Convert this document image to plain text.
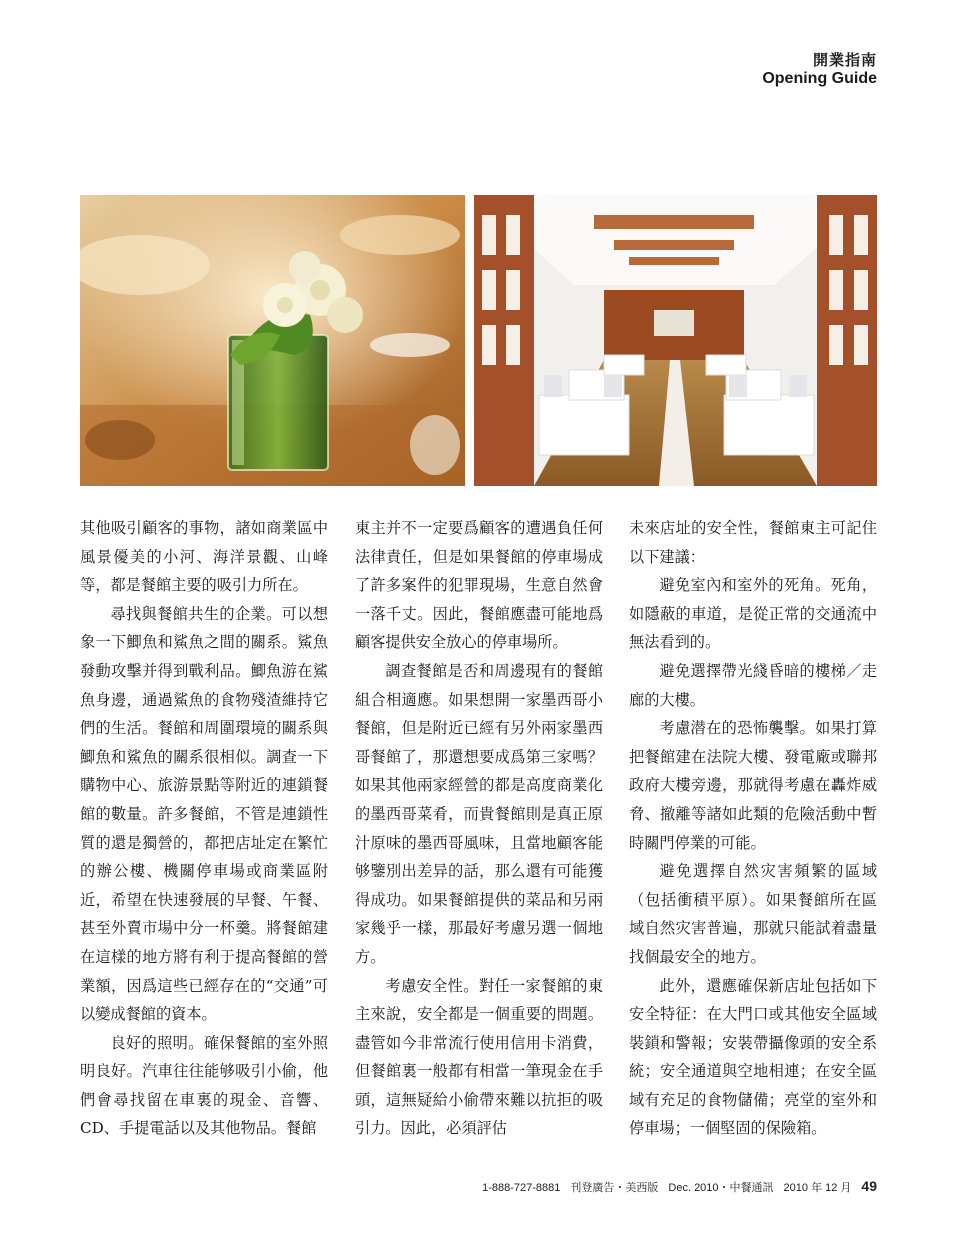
開業指南
Opening Guide

其他吸引顧客的事物，諸如商業區中風景優美的小河、海洋景觀、山峰等，都是餐館主要的吸引力所在。

尋找與餐館共生的企業。可以想象一下鯽魚和鯊魚之間的關系。鯊魚發動攻擊并得到戰利品。鯽魚游在鯊魚身邊，通過鯊魚的食物殘渣維持它們的生活。餐館和周圍環境的關系與鯽魚和鯊魚的關系很相似。調查一下購物中心、旅游景點等附近的連鎖餐館的數量。許多餐館，不管是連鎖性質的還是獨營的，都把店址定在繁忙的辦公樓、機關停車場或商業區附近，希望在快速發展的早餐、午餐、甚至外賣市場中分一杯羹。將餐館建在這樣的地方將有利于提高餐館的營業額，因爲這些已經存在的“交通”可以變成餐館的資本。

良好的照明。確保餐館的室外照明良好。汽車往往能够吸引小偷，他們會尋找留在車裏的現金、音響、CD、手提電話以及其他物品。餐館

東主并不一定要爲顧客的遭遇負任何法律責任，但是如果餐館的停車場成了許多案件的犯罪現場，生意自然會一落千丈。因此，餐館應盡可能地爲顧客提供安全放心的停車場所。

調查餐館是否和周邊現有的餐館組合相適應。如果想開一家墨西哥小餐館，但是附近已經有另外兩家墨西哥餐館了，那還想要成爲第三家嗎？如果其他兩家經營的都是高度商業化的墨西哥菜肴，而貴餐館則是真正原汁原味的墨西哥風味，且當地顧客能够鑒別出差异的話，那么還有可能獲得成功。如果餐館提供的菜品和另兩家幾乎一樣，那最好考慮另選一個地方。

考慮安全性。對任一家餐館的東主來說，安全都是一個重要的問題。盡管如今非常流行使用信用卡消費，但餐館裏一般都有相當一筆現金在手頭，這無疑給小偷帶來難以抗拒的吸引力。因此，必須評估

未來店址的安全性，餐館東主可記住以下建議：

避免室內和室外的死角。死角，如隱蔽的車道，是從正常的交通流中無法看到的。

避免選擇帶光綫昏暗的樓梯／走廊的大樓。

考慮潜在的恐怖襲擊。如果打算把餐館建在法院大樓、發電廠或聯邦政府大樓旁邊，那就得考慮在轟炸威脅、撤離等諸如此類的危險活動中暫時關門停業的可能。

避免選擇自然灾害頻繁的區域（包括衝積平原）。如果餐館所在區域自然灾害普遍，那就只能試着盡量找個最安全的地方。

此外，還應確保新店址包括如下安全特征：在大門口或其他安全區域裝鎖和警報；安裝帶攝像頭的安全系統；安全通道與空地相連；在安全區域有充足的食物儲備；亮堂的室外和停車場；一個堅固的保險箱。

1-888-727-8881 刊登廣告・美西版 Dec. 2010・中餐通訊 2010 年 12 月 49
